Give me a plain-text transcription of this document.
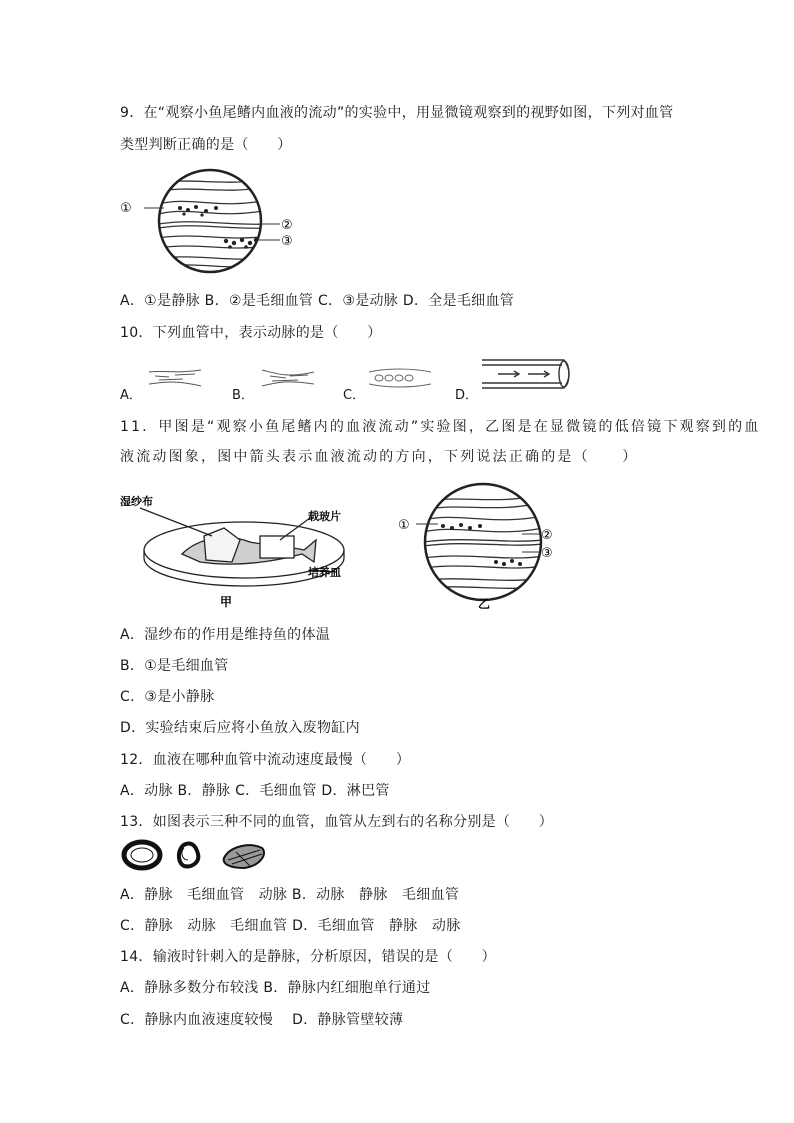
9．在“观察小鱼尾鳍内血液的流动”的实验中，用显微镜观察到的视野如图，下列对血管
类型判断正确的是（　　）
①
②
③
A．①是静脉 B．②是毛细血管 C．③是动脉 D．全是毛细血管
10．下列血管中，表示动脉的是（　　）
A．	B．	C．	D．
11．甲图是“观察小鱼尾鳍内的血液流动”实验图，乙图是在显微镜的低倍镜下观察到的血
液流动图象，图中箭头表示血液流动的方向，下列说法正确的是（　　）
湿纱布
载玻片
培养皿
甲
①
②
③
乙
A．湿纱布的作用是维持鱼的体温
B．①是毛细血管
C．③是小静脉
D．实验结束后应将小鱼放入废物缸内
12．血液在哪种血管中流动速度最慢（　　）
A．动脉 B．静脉 C．毛细血管 D．淋巴管
13．如图表示三种不同的血管，血管从左到右的名称分别是（　　）
A．静脉　毛细血管　动脉 B．动脉　静脉　毛细血管
C．静脉　动脉　毛细血管 D．毛细血管　静脉　动脉
14．输液时针刺入的是静脉，分析原因，错误的是（　　）
A．静脉多数分布较浅 B．静脉内红细胞单行通过
C．静脉内血液速度较慢　 D．静脉管壁较薄
